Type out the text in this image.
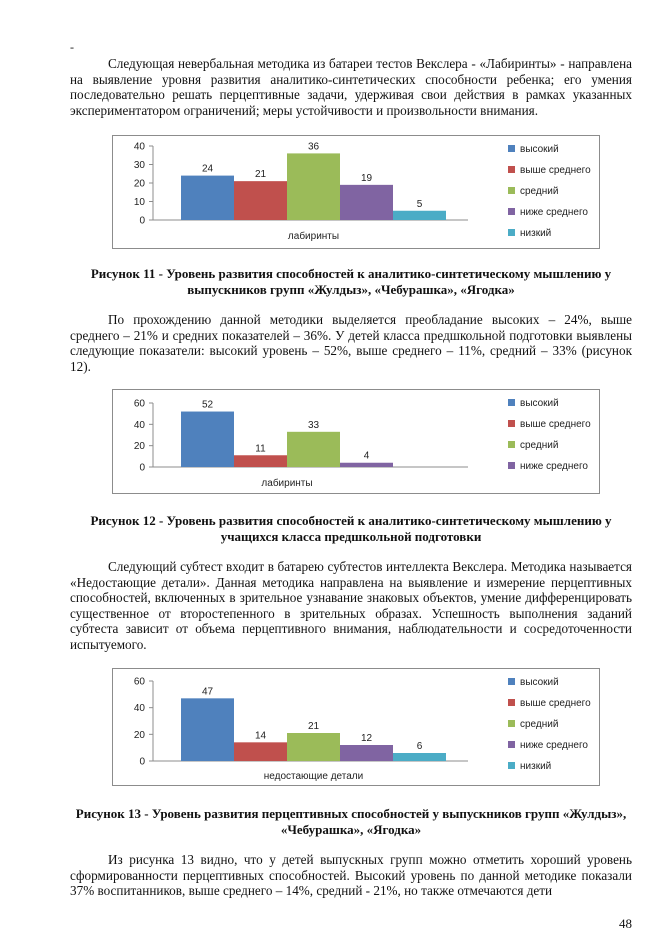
-

Следующая невербальная методика из батареи тестов Векслера - «Лабиринты» - направлена на выявление уровня развития аналитико-синтетических способности ребенка; его умения последовательно решать перцептивные задачи, удерживая свои действия в рамках указанных экспериментатором ограничений; меры устойчивости и произвольности внимания.

0
10
20
30
40
24
21
36
19
5
лабиринты
высокий
выше среднего
средний
ниже среднего
низкий

Рисунок 11 - Уровень развития способностей к аналитико-синтетическому мышлению у выпускников групп «Жулдыз», «Чебурашка», «Ягодка»

По прохождению данной методики выделяется преобладание высоких – 24%, выше среднего – 21% и средних показателей – 36%. У детей класса предшкольной подготовки выявлены следующие показатели: высокий уровень – 52%, выше среднего – 11%, средний – 33% (рисунок 12).

0
20
40
60	52
11
33
4
лабиринты
высокий
выше среднего
средний
ниже среднего

Рисунок 12 - Уровень развития способностей к аналитико-синтетическому мышлению у учащихся класса предшкольной подготовки

Следующий субтест входит в батарею субтестов интеллекта Векслера. Методика называется «Недостающие детали». Данная методика направлена на выявление и измерение перцептивных способностей, включенных в зрительное узнавание знаковых объектов, умение дифференцировать существенное от второстепенного в зрительных образах. Успешность выполнения заданий субтеста зависит от объема перцептивного внимания, наблюдательности и сосредоточенности испытуемого.

0
20
40
60
47
14
21
12
6
недостающие детали
высокий
выше среднего
средний
ниже среднего
низкий

Рисунок 13 - Уровень развития перцептивных способностей у выпускников групп «Жулдыз», «Чебурашка», «Ягодка»

Из рисунка 13 видно, что у детей выпускных групп можно отметить хороший уровень сформированности перцептивных способностей. Высокий уровень по данной методике показали 37% воспитанников, выше среднего – 14%, средний - 21%, но также отмечаются дети

48
